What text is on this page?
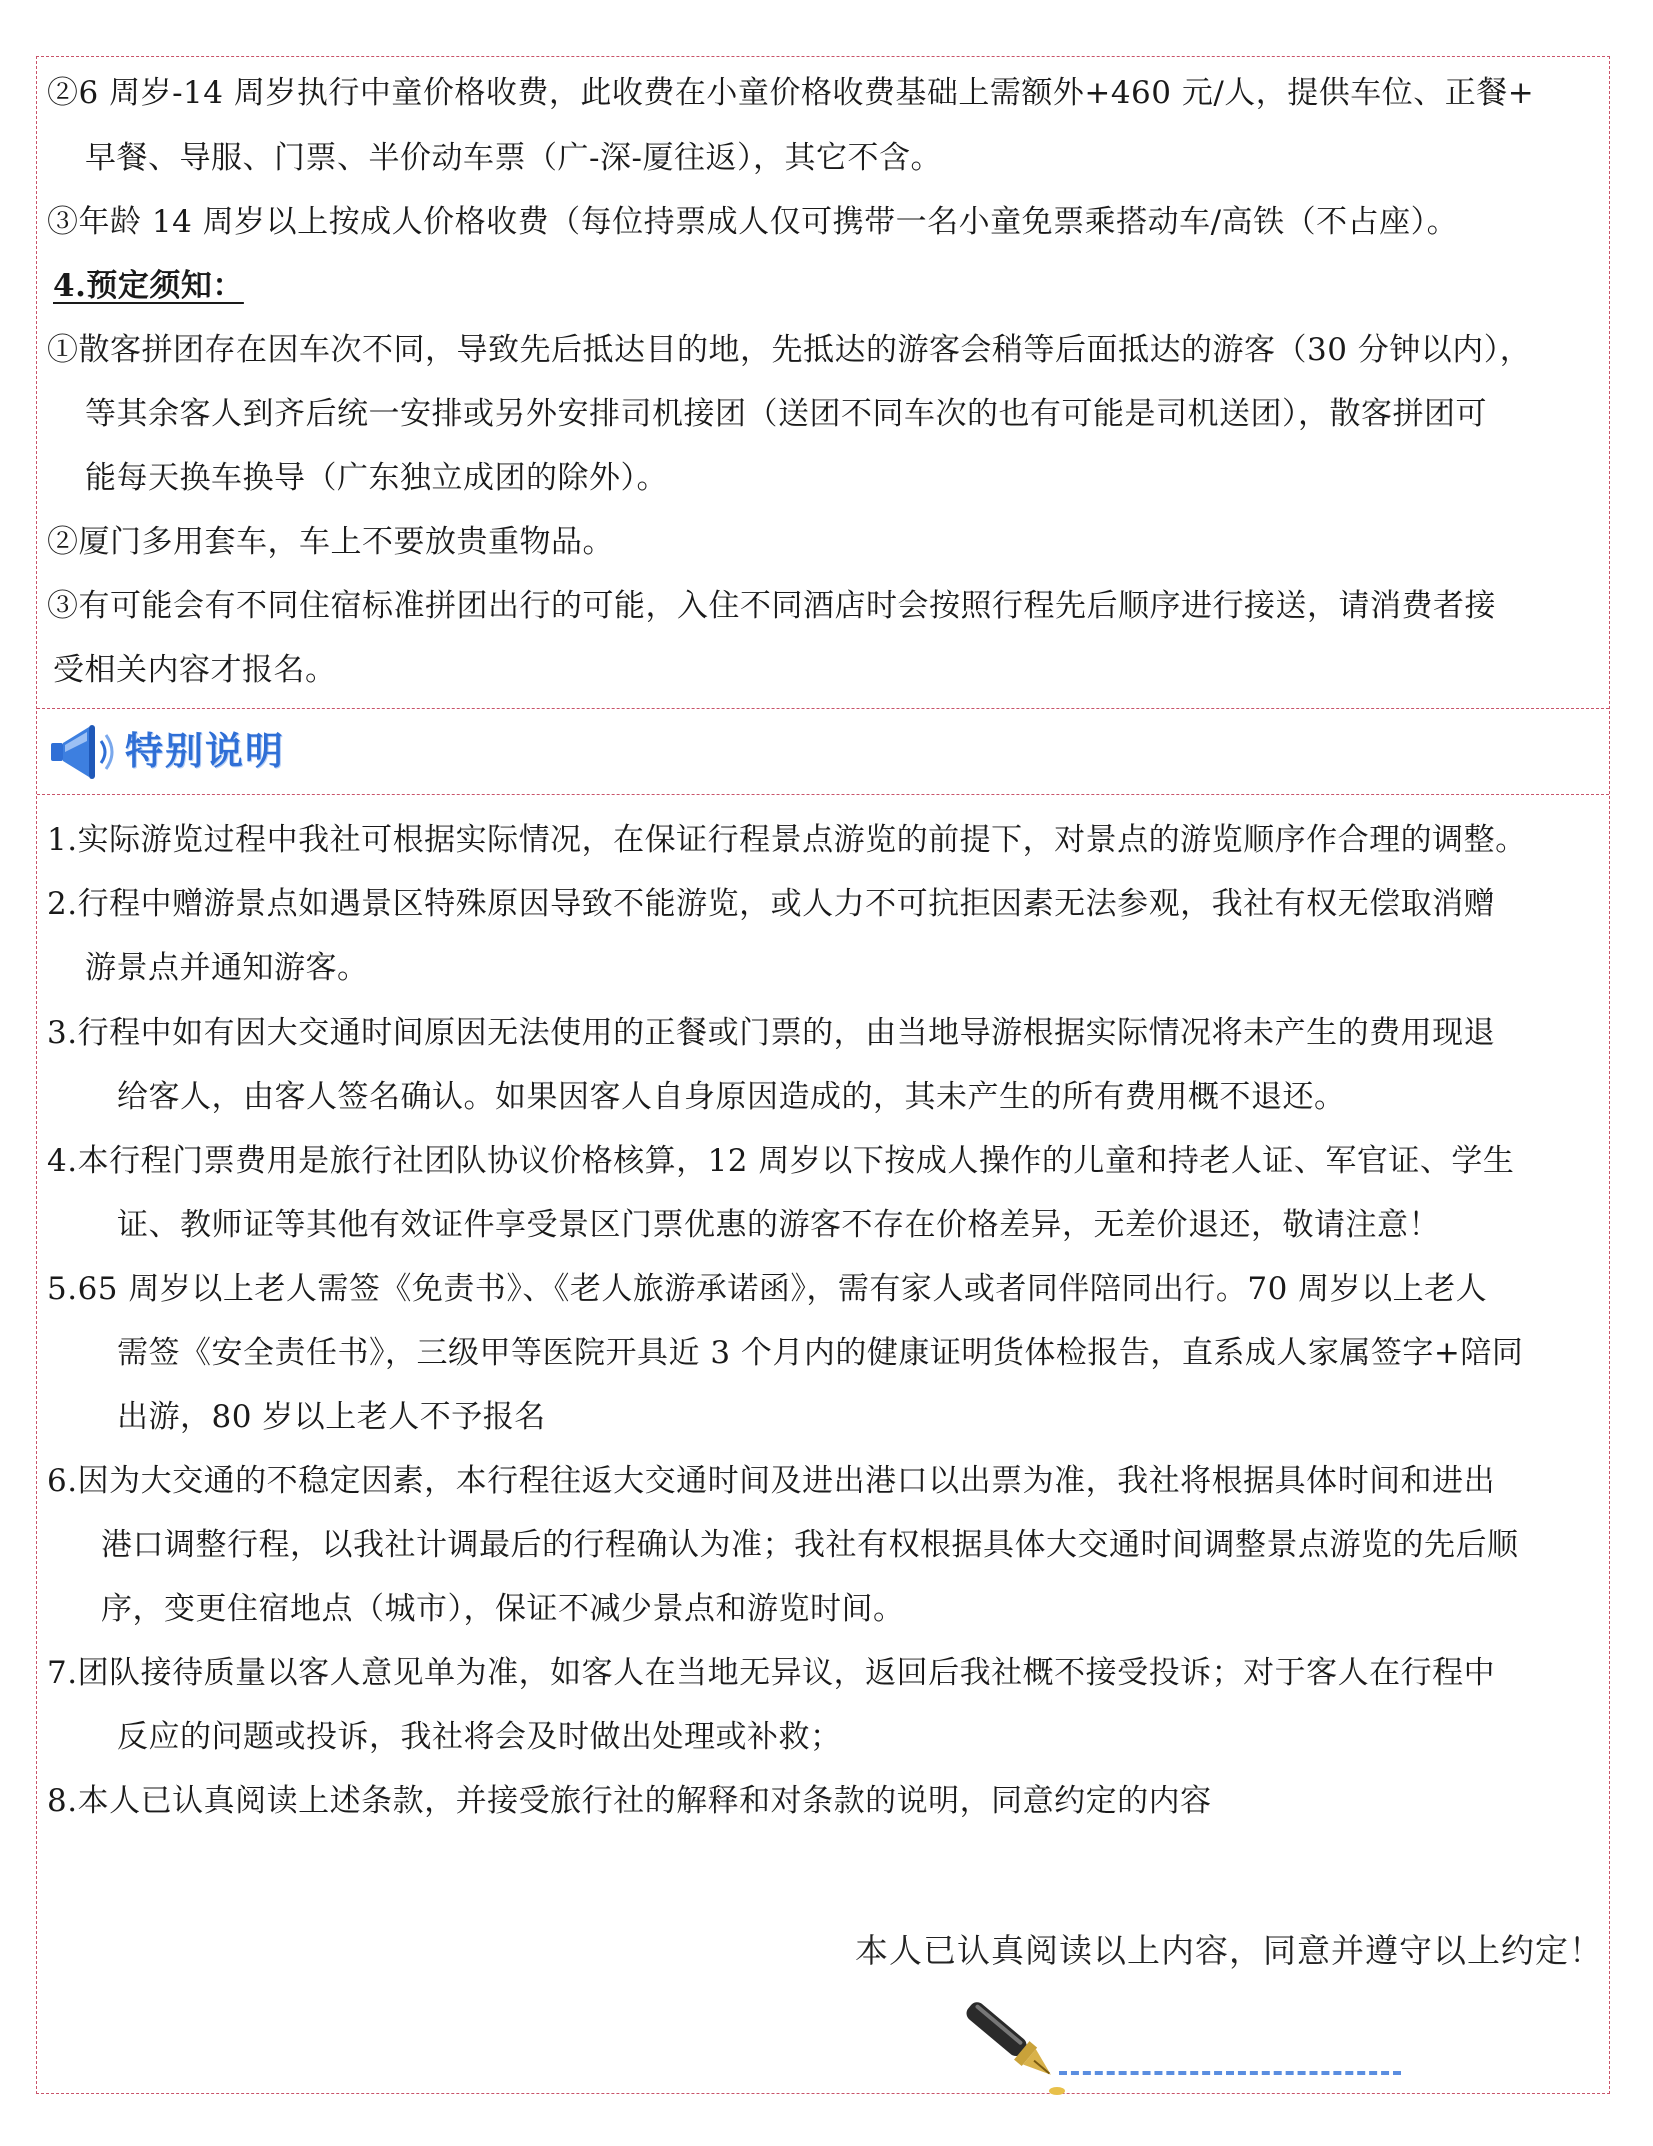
②6 周岁-14 周岁执行中童价格收费，此收费在小童价格收费基础上需额外+460 元/人，提供车位、正餐+
早餐、导服、门票、半价动车票（广-深-厦往返），其它不含。
③年龄 14 周岁以上按成人价格收费（每位持票成人仅可携带一名小童免票乘搭动车/高铁（不占座）。
4.预定须知：
①散客拼团存在因车次不同，导致先后抵达目的地，先抵达的游客会稍等后面抵达的游客（30 分钟以内），
等其余客人到齐后统一安排或另外安排司机接团（送团不同车次的也有可能是司机送团），散客拼团可
能每天换车换导（广东独立成团的除外）。
②厦门多用套车，车上不要放贵重物品。
③有可能会有不同住宿标准拼团出行的可能，入住不同酒店时会按照行程先后顺序进行接送，请消费者接
受相关内容才报名。
特别说明
1.实际游览过程中我社可根据实际情况，在保证行程景点游览的前提下，对景点的游览顺序作合理的调整。
2.行程中赠游景点如遇景区特殊原因导致不能游览，或人力不可抗拒因素无法参观，我社有权无偿取消赠
游景点并通知游客。
3.行程中如有因大交通时间原因无法使用的正餐或门票的，由当地导游根据实际情况将未产生的费用现退
给客人，由客人签名确认。如果因客人自身原因造成的，其未产生的所有费用概不退还。
4.本行程门票费用是旅行社团队协议价格核算，12 周岁以下按成人操作的儿童和持老人证、军官证、学生
证、教师证等其他有效证件享受景区门票优惠的游客不存在价格差异，无差价退还，敬请注意！
5.65 周岁以上老人需签《免责书》、《老人旅游承诺函》，需有家人或者同伴陪同出行。70 周岁以上老人
需签《安全责任书》，三级甲等医院开具近 3 个月内的健康证明货体检报告，直系成人家属签字+陪同
出游，80 岁以上老人不予报名
6.因为大交通的不稳定因素，本行程往返大交通时间及进出港口以出票为准，我社将根据具体时间和进出
港口调整行程，以我社计调最后的行程确认为准；我社有权根据具体大交通时间调整景点游览的先后顺
序，变更住宿地点（城市），保证不减少景点和游览时间。
7.团队接待质量以客人意见单为准，如客人在当地无异议，返回后我社概不接受投诉；对于客人在行程中
反应的问题或投诉，我社将会及时做出处理或补救；
8.本人已认真阅读上述条款，并接受旅行社的解释和对条款的说明，同意约定的内容
本人已认真阅读以上内容，同意并遵守以上约定！
